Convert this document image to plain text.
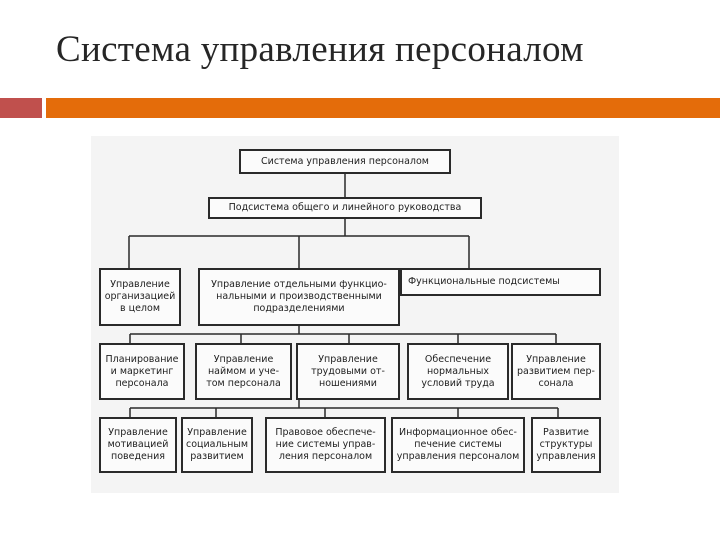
Система управления персоналом
Система управления персоналом
Подсистема общего и линейного руководства
Управление
организацией
в целом
Управление отдельными функцио-
нальными и производственными
подразделениями
Функциональные подсистемы
Планирование
и маркетинг
персонала
Управление
наймом и уче-
том персонала
Управление
трудовыми от-
ношениями
Обеспечение
нормальных
условий труда
Управление
развитием пер-
сонала
Управление
мотивацией
поведения
Управление
социальным
развитием
Правовое обеспече-
ние системы управ-
ления персоналом
Информационное обес-
печение системы
управления персоналом
Развитие
структуры
управления
